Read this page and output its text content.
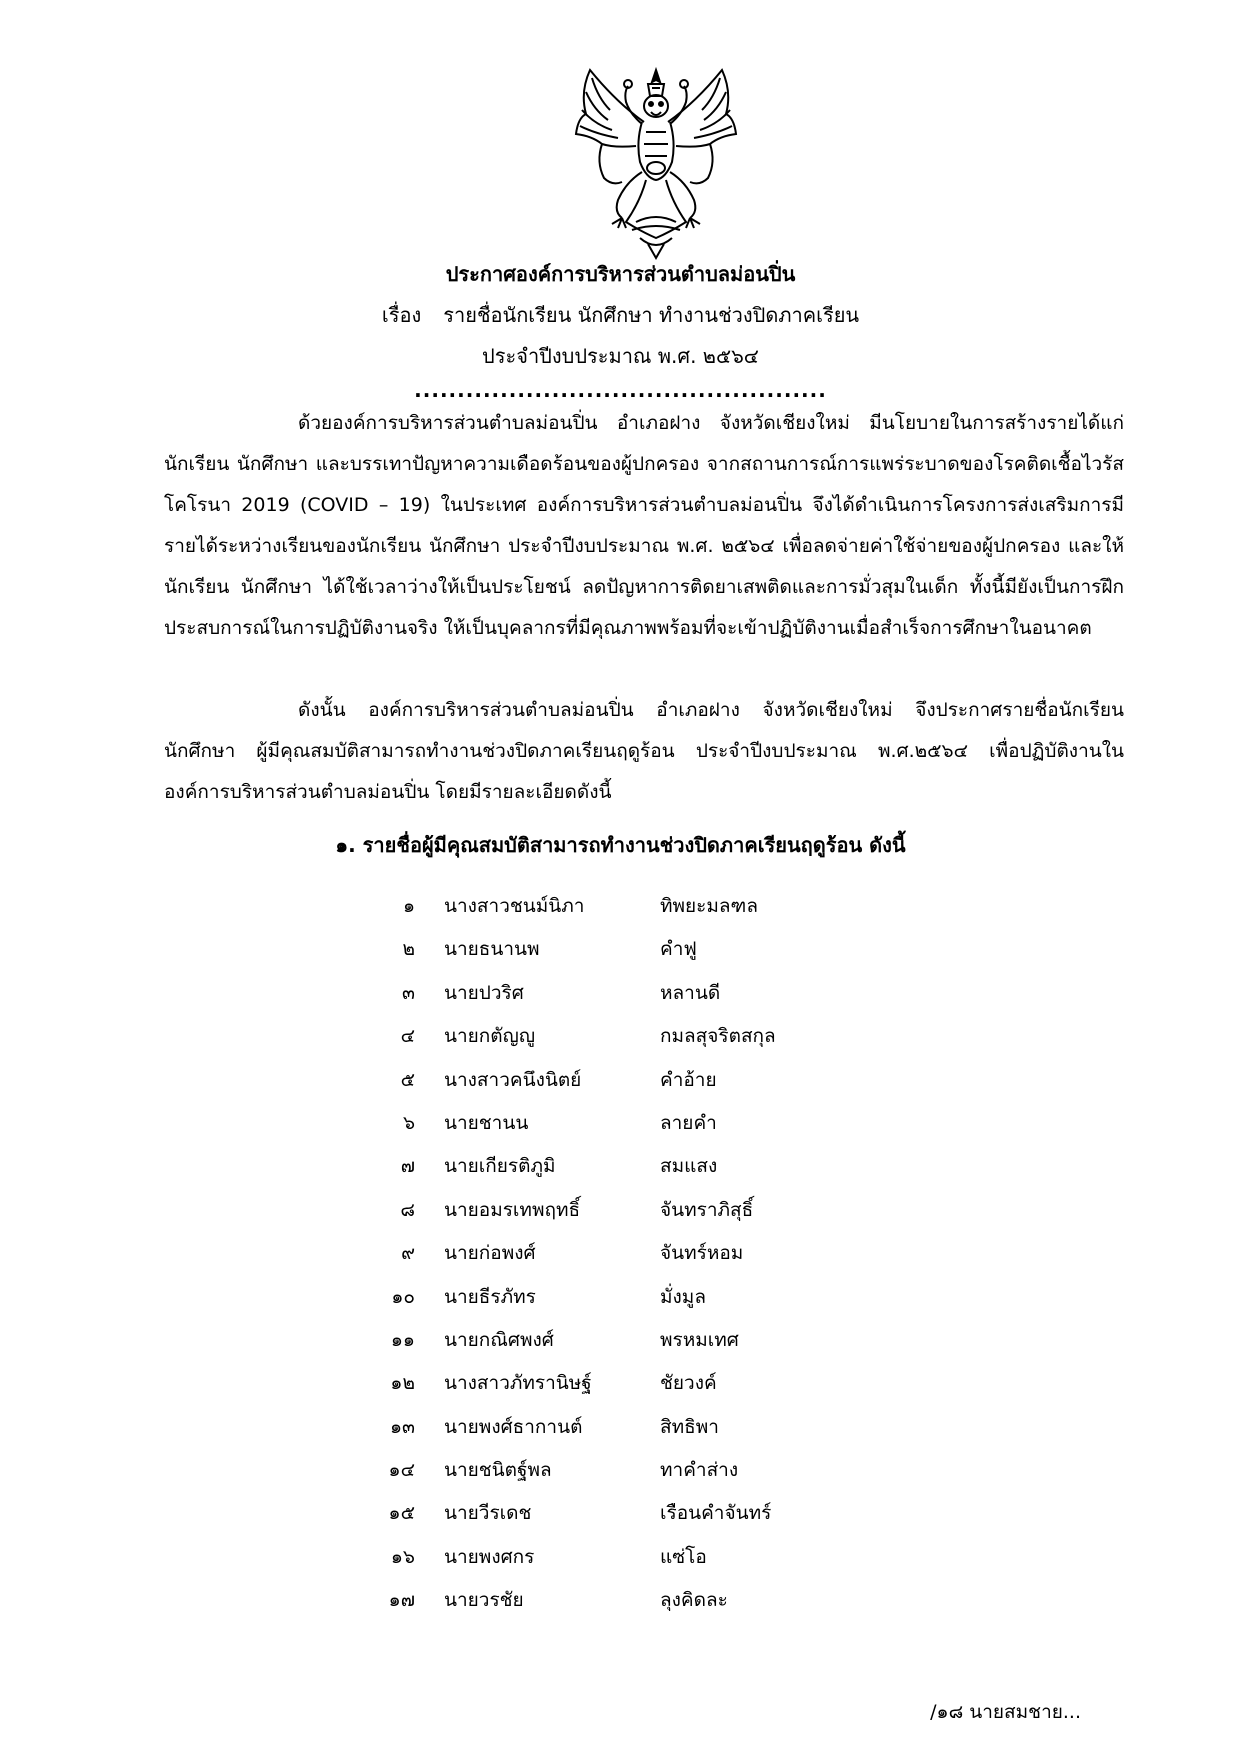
ประกาศองค์การบริหารส่วนตำบลม่อนปิ่น
เรื่อง รายชื่อนักเรียน นักศึกษา ทำงานช่วงปิดภาคเรียน
ประจำปีงบประมาณ พ.ศ. ๒๕๖๔
................................................

ด้วยองค์การบริหารส่วนตำบลม่อนปิ่น อำเภอฝาง จังหวัดเชียงใหม่ มีนโยบายในการสร้างรายได้แก่นักเรียน นักศึกษา และบรรเทาปัญหาความเดือดร้อนของผู้ปกครอง จากสถานการณ์การแพร่ระบาดของโรคติดเชื้อไวรัสโคโรนา 2019 (COVID – 19) ในประเทศ องค์การบริหารส่วนตำบลม่อนปิ่น จึงได้ดำเนินการโครงการส่งเสริมการมีรายได้ระหว่างเรียนของนักเรียน นักศึกษา ประจำปีงบประมาณ พ.ศ. ๒๕๖๔ เพื่อลดจ่ายค่าใช้จ่ายของผู้ปกครอง และให้นักเรียน นักศึกษา ได้ใช้เวลาว่างให้เป็นประโยชน์ ลดปัญหาการติดยาเสพติดและการมั่วสุมในเด็ก ทั้งนี้มียังเป็นการฝึกประสบการณ์ในการปฏิบัติงานจริง ให้เป็นบุคลากรที่มีคุณภาพพร้อมที่จะเข้าปฏิบัติงานเมื่อสำเร็จการศึกษาในอนาคต

ดังนั้น องค์การบริหารส่วนตำบลม่อนปิ่น อำเภอฝาง จังหวัดเชียงใหม่ จึงประกาศรายชื่อนักเรียน นักศึกษา ผู้มีคุณสมบัติสามารถทำงานช่วงปิดภาคเรียนฤดูร้อน ประจำปีงบประมาณ พ.ศ.๒๕๖๔ เพื่อปฏิบัติงานในองค์การบริหารส่วนตำบลม่อนปิ่น โดยมีรายละเอียดดังนี้

๑. รายชื่อผู้มีคุณสมบัติสามารถทำงานช่วงปิดภาคเรียนฤดูร้อน ดังนี้
๑ นางสาวชนม์นิภา	ทิพยะมลฑล
๒ นายธนานพ	คำฟู
๓ นายปวริศ	หลานดี
๔ นายกตัญญู	กมลสุจริตสกุล
๕ นางสาวคนึงนิตย์	คำอ้าย
๖ นายชานน	ลายคำ
๗ นายเกียรติภูมิ	สมแสง
๘ นายอมรเทพฤทธิ์	จันทราภิสุธิ์
๙ นายก่อพงศ์	จันทร์หอม
๑๐ นายธีรภัทร	มั่งมูล
๑๑ นายกณิศพงศ์	พรหมเทศ
๑๒ นางสาวภัทรานิษฐ์	ชัยวงค์
๑๓ นายพงศ์ธากานต์	สิทธิพา
๑๔ นายชนิตฐ์พล	ทาคำส่าง
๑๕ นายวีรเดช	เรือนคำจันทร์
๑๖ นายพงศกร	แซ่โอ
๑๗ นายวรชัย	ลุงคิดละ
/๑๘ นายสมชาย...
